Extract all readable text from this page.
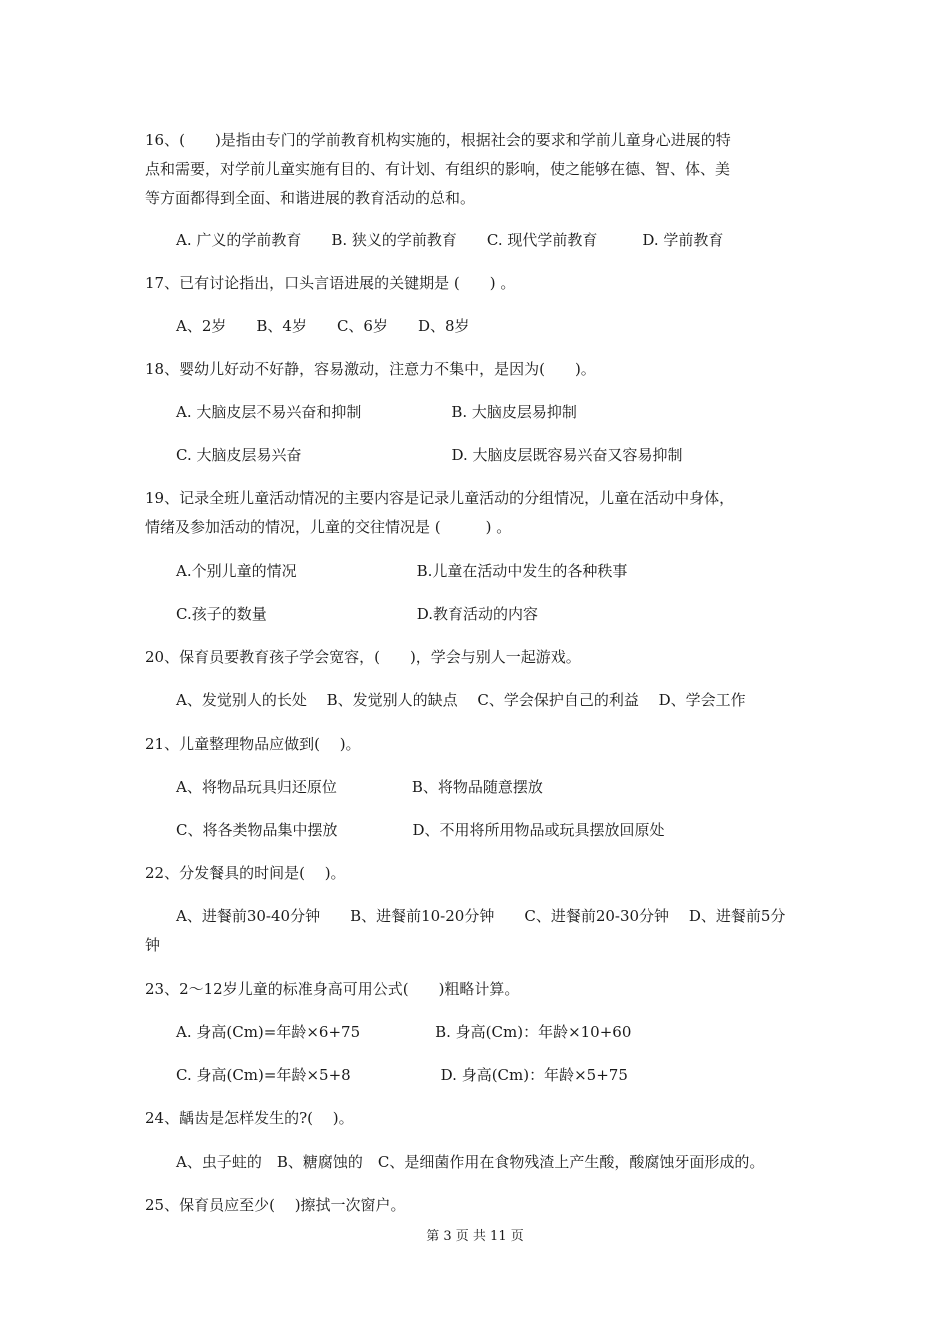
16、(　　)是指由专门的学前教育机构实施的，根据社会的要求和学前儿童身心进展的特
点和需要，对学前儿童实施有目的、有计划、有组织的影响，使之能够在德、智、体、美
等方面都得到全面、和谐进展的教育活动的总和。
A. 广义的学前教育　　B. 狭义的学前教育　　C. 现代学前教育　　　D. 学前教育
17、已有讨论指出，口头言语进展的关键期是 (　　) 。
A、2岁　　B、4岁　　C、6岁　　D、8岁
18、婴幼儿好动不好静，容易激动，注意力不集中，是因为(　　)。
A. 大脑皮层不易兴奋和抑制　　　　　　B. 大脑皮层易抑制
C. 大脑皮层易兴奋　　　　　　　　　　D. 大脑皮层既容易兴奋又容易抑制
19、记录全班儿童活动情况的主要内容是记录儿童活动的分组情况，儿童在活动中身体，
情绪及参加活动的情况，儿童的交往情况是 (　　　) 。
A.个别儿童的情况　　　　　　　　B.儿童在活动中发生的各种秩事
C.孩子的数量　　　　　　　　　　D.教育活动的内容
20、保育员要教育孩子学会宽容，(　　)，学会与别人一起游戏。
A、发觉别人的长处　 B、发觉别人的缺点　 C、学会保护自己的利益　 D、学会工作
21、儿童整理物品应做到(　 )。
A、将物品玩具归还原位　　　　　B、将物品随意摆放
C、将各类物品集中摆放　　　　　D、不用将所用物品或玩具摆放回原处
22、分发餐具的时间是(　 )。
A、进餐前30-40分钟　　B、进餐前10-20分钟　　C、进餐前20-30分钟　 D、进餐前5分
钟
23、2～12岁儿童的标准身高可用公式(　　)粗略计算。
A. 身高(Cm)=年龄×6+75　　　　　B. 身高(Cm)：年龄×10+60
C. 身高(Cm)=年龄×5+8　　　　　　D. 身高(Cm)：年龄×5+75
24、龋齿是怎样发生的?(　 )。
A、虫子蛀的　B、糖腐蚀的　C、是细菌作用在食物残渣上产生酸，酸腐蚀牙面形成的。
25、保育员应至少(　 )擦拭一次窗户。
第 3 页 共 11 页
